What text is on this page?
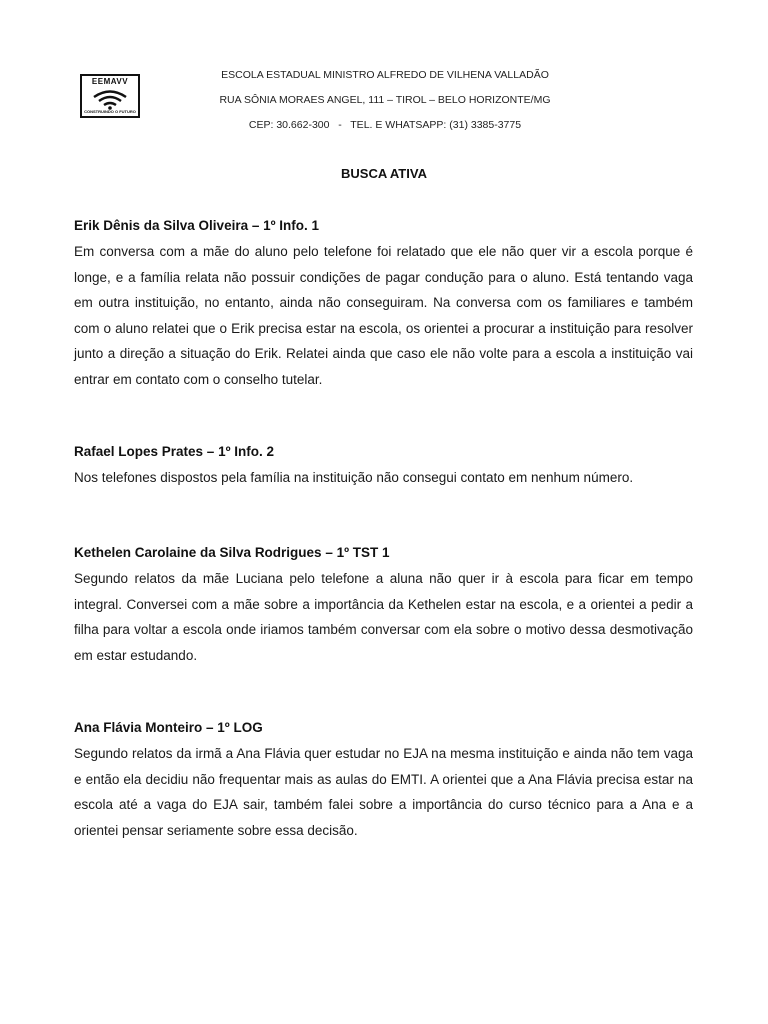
EEMAVV
CONSTRUINDO O FUTURO
ESCOLA ESTADUAL MINISTRO ALFREDO DE VILHENA VALLADÃO
RUA SÔNIA MORAES ANGEL, 111 – TIROL – BELO HORIZONTE/MG
CEP: 30.662-300   -   TEL. E WHATSAPP: (31) 3385-3775
BUSCA ATIVA

Erik Dênis da Silva Oliveira – 1º Info. 1

Em conversa com a mãe do aluno pelo telefone foi relatado que ele não quer vir a escola porque é longe, e a família relata não possuir condições de pagar condução para o aluno. Está tentando vaga em outra instituição, no entanto, ainda não conseguiram. Na conversa com os familiares e também com o aluno relatei que o Erik precisa estar na escola, os orientei a procurar a instituição para resolver junto a direção a situação do Erik. Relatei ainda que caso ele não volte para a escola a instituição vai entrar em contato com o conselho tutelar.

Rafael Lopes Prates – 1º Info. 2

Nos telefones dispostos pela família na instituição não consegui contato em nenhum número.

Kethelen Carolaine da Silva Rodrigues – 1º TST 1

Segundo relatos da mãe Luciana pelo telefone a aluna não quer ir à escola para ficar em tempo integral. Conversei com a mãe sobre a importância da Kethelen estar na escola, e a orientei a pedir a filha para voltar a escola onde iriamos também conversar com ela sobre o motivo dessa desmotivação em estar estudando.

Ana Flávia Monteiro – 1º LOG

Segundo relatos da irmã a Ana Flávia quer estudar no EJA na mesma instituição e ainda não tem vaga e então ela decidiu não frequentar mais as aulas do EMTI. A orientei que a Ana Flávia precisa estar na escola até a vaga do EJA sair, também falei sobre a importância do curso técnico para a Ana e a orientei pensar seriamente sobre essa decisão.
